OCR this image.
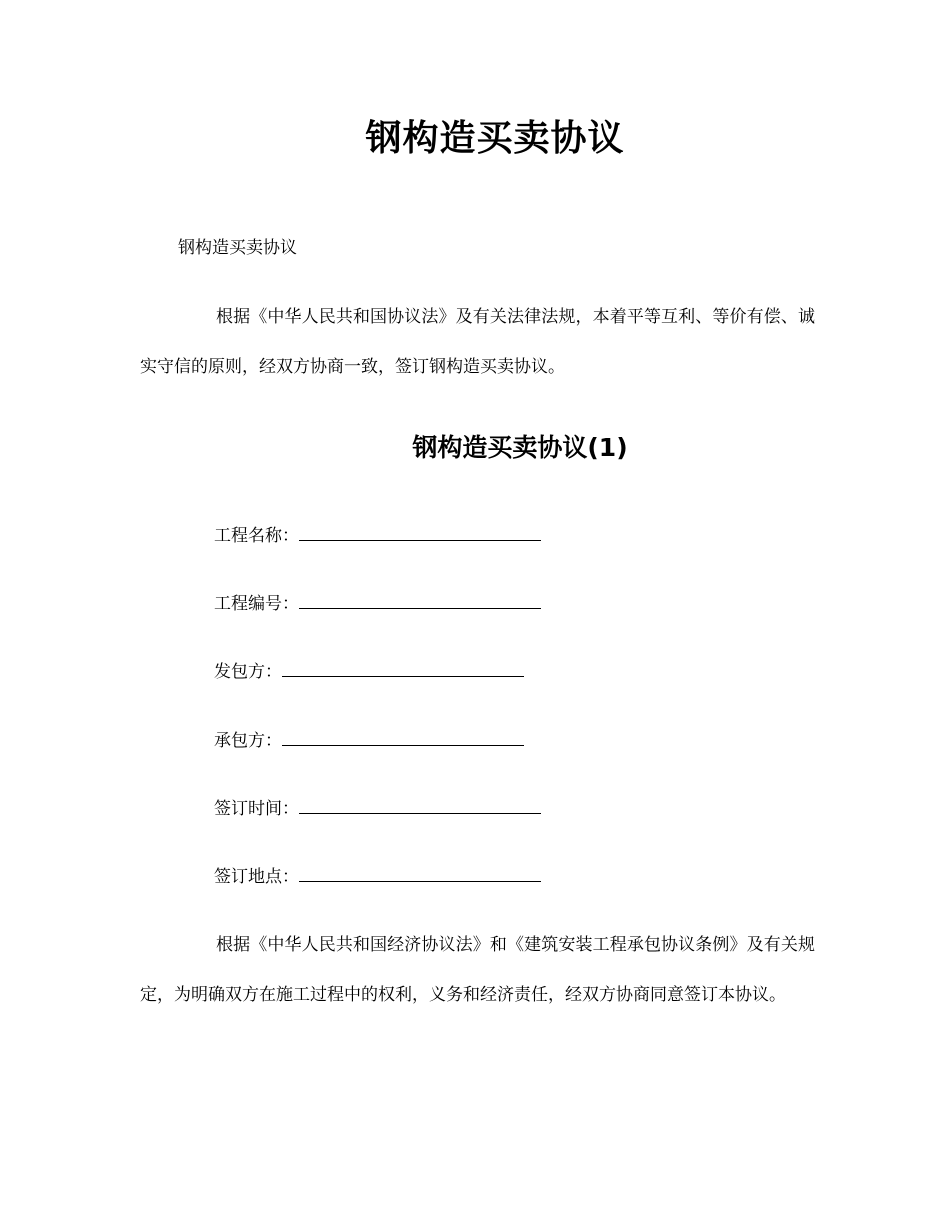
钢构造买卖协议
钢构造买卖协议

根据《中华人民共和国协议法》及有关法律法规，本着平等互利、等价有偿、诚实守信的原则，经双方协商一致，签订钢构造买卖协议。

钢构造买卖协议(1)
工程名称：
工程编号：
发包方：
承包方：
签订时间：
签订地点：

根据《中华人民共和国经济协议法》和《建筑安装工程承包协议条例》及有关规定，为明确双方在施工过程中的权利，义务和经济责任，经双方协商同意签订本协议。
